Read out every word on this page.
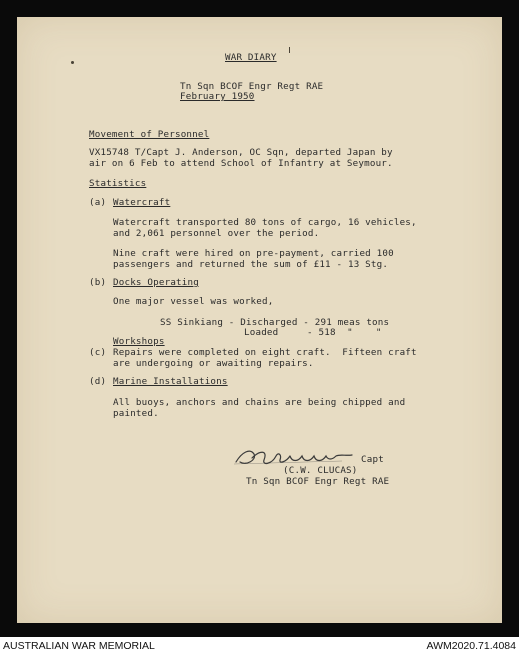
WAR DIARY
Tn Sqn BCOF Engr Regt RAE
February 1950
Movement of Personnel
VX15748 T/Capt J. Anderson, OC Sqn, departed Japan by
air on 6 Feb to attend School of Infantry at Seymour.
Statistics
(a) Watercraft
Watercraft transported 80 tons of cargo, 16 vehicles,
and 2,061 personnel over the period.
Nine craft were hired on pre-payment, carried 100
passengers and returned the sum of £11 - 13 Stg.
(b) Docks Operating
One major vessel was worked,
SS Sinkiang - Discharged - 291 meas tons
Loaded     - 518  "    "
Workshops
(c) Repairs were completed on eight craft.  Fifteen craft
are undergoing or awaiting repairs.
(d) Marine Installations
All buoys, anchors and chains are being chipped and
painted.
Capt
(C.W. CLUCAS)
Tn Sqn BCOF Engr Regt RAE
AUSTRALIAN WAR MEMORIAL	AWM2020.71.4084
